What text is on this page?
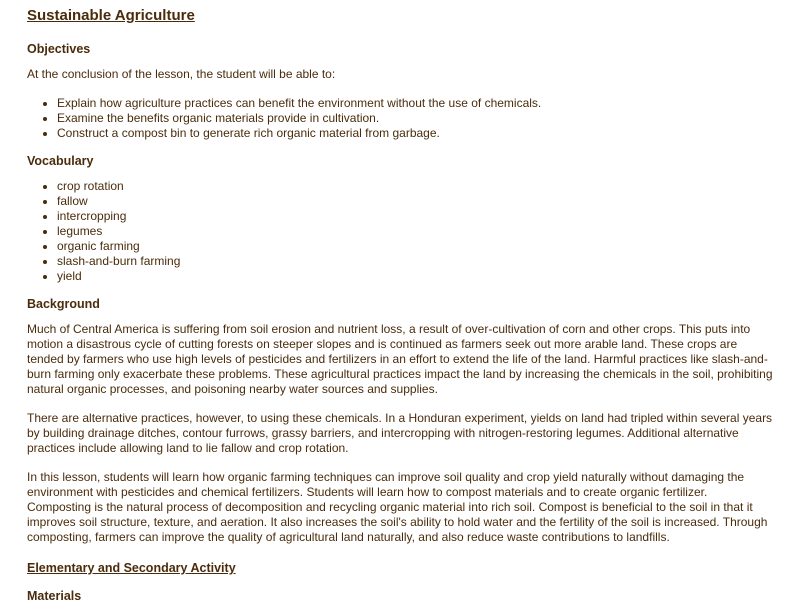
Sustainable Agriculture
Objectives

At the conclusion of the lesson, the student will be able to:

• Explain how agriculture practices can benefit the environment without the use of chemicals.
• Examine the benefits organic materials provide in cultivation.
• Construct a compost bin to generate rich organic material from garbage.
Vocabulary
• crop rotation
• fallow
• intercropping
• legumes
• organic farming
• slash-and-burn farming
• yield
Background

Much of Central America is suffering from soil erosion and nutrient loss, a result of over-cultivation of corn and other crops. This puts into motion a disastrous cycle of cutting forests on steeper slopes and is continued as farmers seek out more arable land. These crops are tended by farmers who use high levels of pesticides and fertilizers in an effort to extend the life of the land. Harmful practices like slash-and-burn farming only exacerbate these problems. These agricultural practices impact the land by increasing the chemicals in the soil, prohibiting natural organic processes, and poisoning nearby water sources and supplies.

There are alternative practices, however, to using these chemicals. In a Honduran experiment, yields on land had tripled within several years by building drainage ditches, contour furrows, grassy barriers, and intercropping with nitrogen-restoring legumes. Additional alternative practices include allowing land to lie fallow and crop rotation.

In this lesson, students will learn how organic farming techniques can improve soil quality and crop yield naturally without damaging the environment with pesticides and chemical fertilizers. Students will learn how to compost materials and to create organic fertilizer. Composting is the natural process of decomposition and recycling organic material into rich soil. Compost is beneficial to the soil in that it improves soil structure, texture, and aeration. It also increases the soil's ability to hold water and the fertility of the soil is increased. Through composting, farmers can improve the quality of agricultural land naturally, and also reduce waste contributions to landfills.

Elementary and Secondary Activity
Materials
